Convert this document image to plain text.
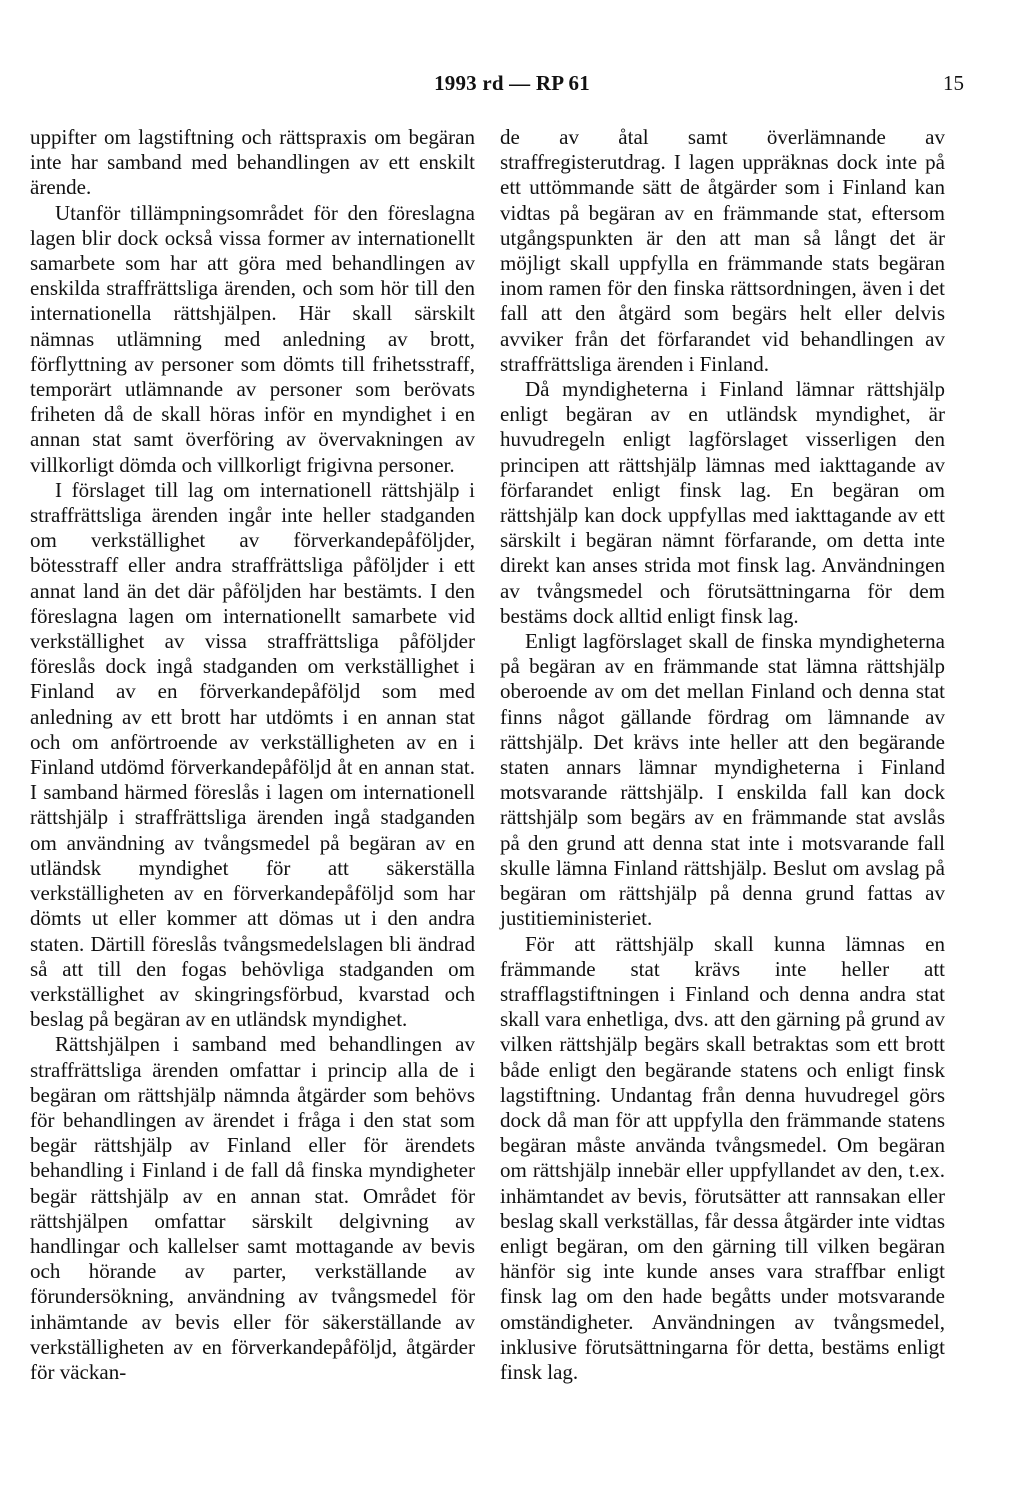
1993 rd — RP 61	15

uppifter om lagstiftning och rättspraxis om begäran inte har samband med behandlingen av ett enskilt ärende.

Utanför tillämpningsområdet för den föreslagna lagen blir dock också vissa former av internationellt samarbete som har att göra med behandlingen av enskilda straffrättsliga ärenden, och som hör till den internationella rättshjälpen. Här skall särskilt nämnas utlämning med anledning av brott, förflyttning av personer som dömts till frihetsstraff, temporärt utlämnande av personer som berövats friheten då de skall höras inför en myndighet i en annan stat samt överföring av övervakningen av villkorligt dömda och villkorligt frigivna personer.

I förslaget till lag om internationell rättshjälp i straffrättsliga ärenden ingår inte heller stadganden om verkställighet av förverkandepåföljder, bötesstraff eller andra straffrättsliga påföljder i ett annat land än det där påföljden har bestämts. I den föreslagna lagen om internationellt samarbete vid verkställighet av vissa straffrättsliga påföljder föreslås dock ingå stadganden om verkställighet i Finland av en förverkandepåföljd som med anledning av ett brott har utdömts i en annan stat och om anförtroende av verkställigheten av en i Finland utdömd förverkandepåföljd åt en annan stat. I samband härmed föreslås i lagen om internationell rättshjälp i straffrättsliga ärenden ingå stadganden om användning av tvångsmedel på begäran av en utländsk myndighet för att säkerställa verkställigheten av en förverkandepåföljd som har dömts ut eller kommer att dömas ut i den andra staten. Därtill föreslås tvångsmedelslagen bli ändrad så att till den fogas behövliga stadganden om verkställighet av skingringsförbud, kvarstad och beslag på begäran av en utländsk myndighet.

Rättshjälpen i samband med behandlingen av straffrättsliga ärenden omfattar i princip alla de i begäran om rättshjälp nämnda åtgärder som behövs för behandlingen av ärendet i fråga i den stat som begär rättshjälp av Finland eller för ärendets behandling i Finland i de fall då finska myndigheter begär rättshjälp av en annan stat. Området för rättshjälpen omfattar särskilt delgivning av handlingar och kallelser samt mottagande av bevis och hörande av parter, verkställande av förundersökning, användning av tvångsmedel för inhämtande av bevis eller för säkerställande av verkställigheten av en förverkandepåföljd, åtgärder för väckan-

de av åtal samt överlämnande av straffregisterutdrag. I lagen uppräknas dock inte på ett uttömmande sätt de åtgärder som i Finland kan vidtas på begäran av en främmande stat, eftersom utgångspunkten är den att man så långt det är möjligt skall uppfylla en främmande stats begäran inom ramen för den finska rättsordningen, även i det fall att den åtgärd som begärs helt eller delvis avviker från det förfarandet vid behandlingen av straffrättsliga ärenden i Finland.

Då myndigheterna i Finland lämnar rättshjälp enligt begäran av en utländsk myndighet, är huvudregeln enligt lagförslaget visserligen den principen att rättshjälp lämnas med iakttagande av förfarandet enligt finsk lag. En begäran om rättshjälp kan dock uppfyllas med iakttagande av ett särskilt i begäran nämnt förfarande, om detta inte direkt kan anses strida mot finsk lag. Användningen av tvångsmedel och förutsättningarna för dem bestäms dock alltid enligt finsk lag.

Enligt lagförslaget skall de finska myndigheterna på begäran av en främmande stat lämna rättshjälp oberoende av om det mellan Finland och denna stat finns något gällande fördrag om lämnande av rättshjälp. Det krävs inte heller att den begärande staten annars lämnar myndigheterna i Finland motsvarande rättshjälp. I enskilda fall kan dock rättshjälp som begärs av en främmande stat avslås på den grund att denna stat inte i motsvarande fall skulle lämna Finland rättshjälp. Beslut om avslag på begäran om rättshjälp på denna grund fattas av justitieministeriet.

För att rättshjälp skall kunna lämnas en främmande stat krävs inte heller att strafflagstiftningen i Finland och denna andra stat skall vara enhetliga, dvs. att den gärning på grund av vilken rättshjälp begärs skall betraktas som ett brott både enligt den begärande statens och enligt finsk lagstiftning. Undantag från denna huvudregel görs dock då man för att uppfylla den främmande statens begäran måste använda tvångsmedel. Om begäran om rättshjälp innebär eller uppfyllandet av den, t.ex. inhämtandet av bevis, förutsätter att rannsakan eller beslag skall verkställas, får dessa åtgärder inte vidtas enligt begäran, om den gärning till vilken begäran hänför sig inte kunde anses vara straffbar enligt finsk lag om den hade begåtts under motsvarande omständigheter. Användningen av tvångsmedel, inklusive förutsättningarna för detta, bestäms enligt finsk lag.
